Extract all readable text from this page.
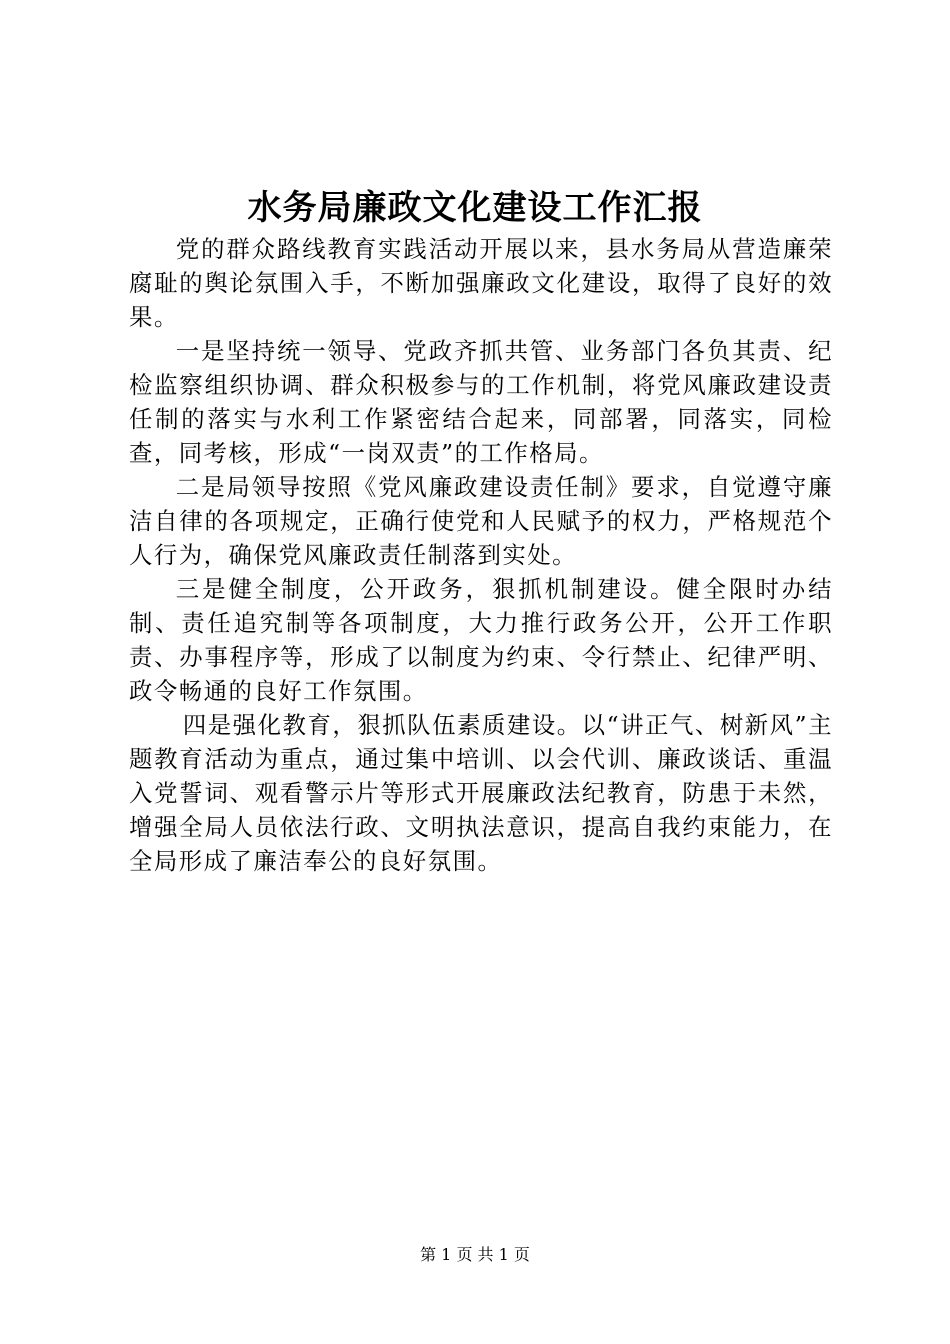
水务局廉政文化建设工作汇报

党的群众路线教育实践活动开展以来，县水务局从营造廉荣腐耻的舆论氛围入手，不断加强廉政文化建设，取得了良好的效果。

一是坚持统一领导、党政齐抓共管、业务部门各负其责、纪检监察组织协调、群众积极参与的工作机制，将党风廉政建设责任制的落实与水利工作紧密结合起来，同部署，同落实，同检查，同考核，形成“一岗双责”的工作格局。

二是局领导按照《党风廉政建设责任制》要求，自觉遵守廉洁自律的各项规定，正确行使党和人民赋予的权力，严格规范个人行为，确保党风廉政责任制落到实处。

三是健全制度，公开政务，狠抓机制建设。健全限时办结制、责任追究制等各项制度，大力推行政务公开，公开工作职责、办事程序等，形成了以制度为约束、令行禁止、纪律严明、政令畅通的良好工作氛围。

四是强化教育，狠抓队伍素质建设。以“讲正气、树新风”主题教育活动为重点，通过集中培训、以会代训、廉政谈话、重温入党誓词、观看警示片等形式开展廉政法纪教育，防患于未然，增强全局人员依法行政、文明执法意识，提高自我约束能力，在全局形成了廉洁奉公的良好氛围。

第 1 页 共 1 页
